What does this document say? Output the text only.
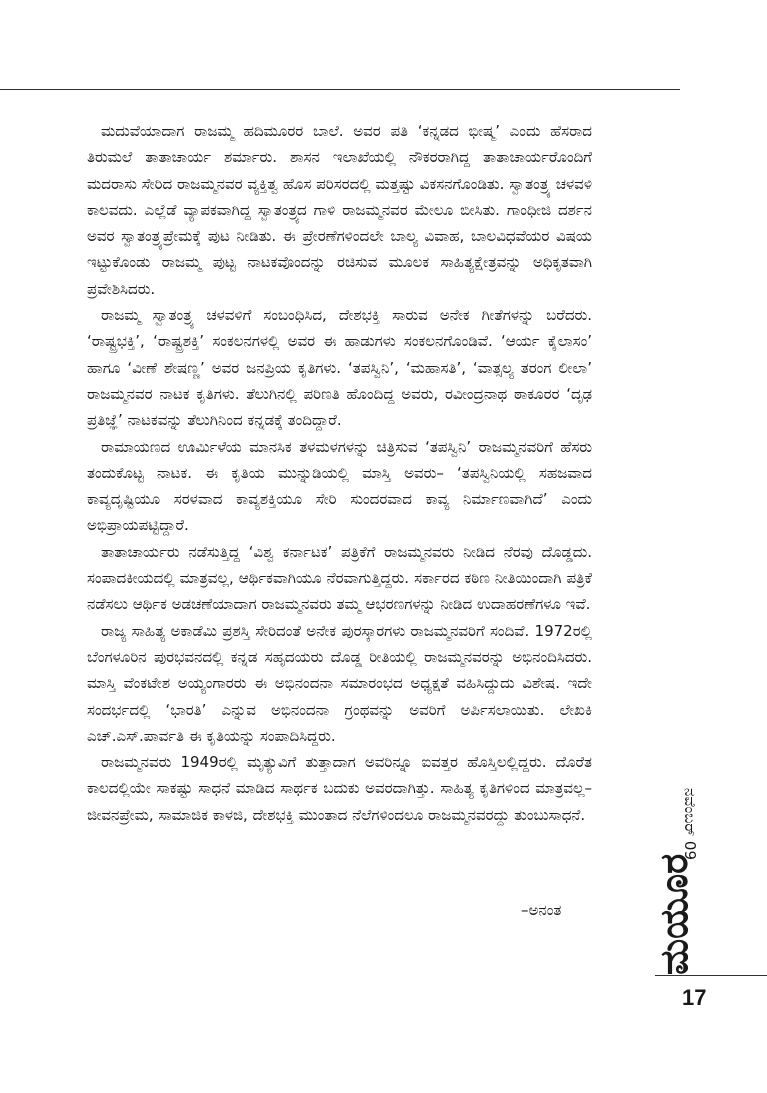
ಮದುವೆಯಾದಾಗ ರಾಜಮ್ಮ ಹದಿಮೂರರ ಬಾಲೆ. ಅವರ ಪತಿ ‘ಕನ್ನಡದ ಭೀಷ್ಮ’ ಎಂದು ಹೆಸರಾದ ತಿರುಮಲೆ ತಾತಾಚಾರ್ಯ ಶರ್ಮಾರು. ಶಾಸನ ಇಲಾಖೆಯಲ್ಲಿ ನೌಕರರಾಗಿದ್ದ ತಾತಾಚಾರ್ಯರೊಂದಿಗೆ ಮದರಾಸು ಸೇರಿದ ರಾಜಮ್ಮನವರ ವ್ಯಕ್ತಿತ್ವ ಹೊಸ ಪರಿಸರದಲ್ಲಿ ಮತ್ತಷ್ಟು ವಿಕಸನಗೊಂಡಿತು. ಸ್ವಾತಂತ್ರ್ಯ ಚಳವಳಿ ಕಾಲವದು. ಎಲ್ಲೆಡೆ ವ್ಯಾಪಕವಾಗಿದ್ದ ಸ್ವಾತಂತ್ರ್ಯದ ಗಾಳಿ ರಾಜಮ್ಮನವರ ಮೇಲೂ ಬೀಸಿತು. ಗಾಂಧೀಜಿ ದರ್ಶನ ಅವರ ಸ್ವಾತಂತ್ರ್ಯಪ್ರೇಮಕ್ಕೆ ಪುಟ ನೀಡಿತು. ಈ ಪ್ರೇರಣೆಗಳಿಂದಲೇ ಬಾಲ್ಯ ವಿವಾಹ, ಬಾಲವಿಧವೆಯರ ವಿಷಯ ಇಟ್ಟುಕೊಂಡು ರಾಜಮ್ಮ ಪುಟ್ಟ ನಾಟಕವೊಂದನ್ನು ರಚಿಸುವ ಮೂಲಕ ಸಾಹಿತ್ಯಕ್ಷೇತ್ರವನ್ನು ಅಧಿಕೃತವಾಗಿ ಪ್ರವೇಶಿಸಿದರು.

ರಾಜಮ್ಮ ಸ್ವಾತಂತ್ರ್ಯ ಚಳವಳಿಗೆ ಸಂಬಂಧಿಸಿದ, ದೇಶಭಕ್ತಿ ಸಾರುವ ಅನೇಕ ಗೀತೆಗಳನ್ನು ಬರೆದರು. ‘ರಾಷ್ಟ್ರಭಕ್ತಿ’, ‘ರಾಷ್ಟ್ರಶಕ್ತಿ’ ಸಂಕಲನಗಳಲ್ಲಿ ಅವರ ಈ ಹಾಡುಗಳು ಸಂಕಲನಗೊಂಡಿವೆ. ‘ಆರ್ಯ ಕೈಲಾಸಂ’ ಹಾಗೂ ‘ವೀಣೆ ಶೇಷಣ್ಣ’ ಅವರ ಜನಪ್ರಿಯ ಕೃತಿಗಳು. ‘ತಪಸ್ವಿನಿ’, ‘ಮಹಾಸತಿ’, ‘ವಾತ್ಸಲ್ಯ ತರಂಗ ಲೀಲಾ’ ರಾಜಮ್ಮನವರ ನಾಟಕ ಕೃತಿಗಳು. ತೆಲುಗಿನಲ್ಲಿ ಪರಿಣತಿ ಹೊಂದಿದ್ದ ಅವರು, ರವೀಂದ್ರನಾಥ ಠಾಕೂರರ ‘ದೃಢ ಪ್ರತಿಜ್ಞೆ’ ನಾಟಕವನ್ನು ತೆಲುಗಿನಿಂದ ಕನ್ನಡಕ್ಕೆ ತಂದಿದ್ದಾರೆ.

ರಾಮಾಯಣದ ಊರ್ಮಿಳೆಯ ಮಾನಸಿಕ ತಳಮಳಗಳನ್ನು ಚಿತ್ರಿಸುವ ‘ತಪಸ್ವಿನಿ’ ರಾಜಮ್ಮನವರಿಗೆ ಹೆಸರು ತಂದುಕೊಟ್ಟ ನಾಟಕ. ಈ ಕೃತಿಯ ಮುನ್ನುಡಿಯಲ್ಲಿ ಮಾಸ್ತಿ ಅವರು– ‘ತಪಸ್ವಿನಿಯಲ್ಲಿ ಸಹಜವಾದ ಕಾವ್ಯದೃಷ್ಟಿಯೂ ಸರಳವಾದ ಕಾವ್ಯಶಕ್ತಿಯೂ ಸೇರಿ ಸುಂದರವಾದ ಕಾವ್ಯ ನಿರ್ಮಾಣವಾಗಿದೆ’ ಎಂದು ಅಭಿಪ್ರಾಯಪಟ್ಟಿದ್ದಾರೆ.

ತಾತಾಚಾರ್ಯರು ನಡೆಸುತ್ತಿದ್ದ ‘ವಿಶ್ವ ಕರ್ನಾಟಕ’ ಪತ್ರಿಕೆಗೆ ರಾಜಮ್ಮನವರು ನೀಡಿದ ನೆರವು ದೊಡ್ಡದು. ಸಂಪಾದಕೀಯದಲ್ಲಿ ಮಾತ್ರವಲ್ಲ, ಆರ್ಥಿಕವಾಗಿಯೂ ನೆರವಾಗುತ್ತಿದ್ದರು. ಸರ್ಕಾರದ ಕಠಿಣ ನೀತಿಯಿಂದಾಗಿ ಪತ್ರಿಕೆ ನಡೆಸಲು ಆರ್ಥಿಕ ಅಡಚಣೆಯಾದಾಗ ರಾಜಮ್ಮನವರು ತಮ್ಮ ಆಭರಣಗಳನ್ನು ನೀಡಿದ ಉದಾಹರಣೆಗಳೂ ಇವೆ.

ರಾಜ್ಯ ಸಾಹಿತ್ಯ ಅಕಾಡೆಮಿ ಪ್ರಶಸ್ತಿ ಸೇರಿದಂತೆ ಅನೇಕ ಪುರಸ್ಕಾರಗಳು ರಾಜಮ್ಮನವರಿಗೆ ಸಂದಿವೆ. 1972ರಲ್ಲಿ ಬೆಂಗಳೂರಿನ ಪುರಭವನದಲ್ಲಿ ಕನ್ನಡ ಸಹೃದಯರು ದೊಡ್ಡ ರೀತಿಯಲ್ಲಿ ರಾಜಮ್ಮನವರನ್ನು ಅಭಿನಂದಿಸಿದರು. ಮಾಸ್ತಿ ವೆಂಕಟೇಶ ಅಯ್ಯಂಗಾರರು ಈ ಅಭಿನಂದನಾ ಸಮಾರಂಭದ ಅಧ್ಯಕ್ಷತೆ ವಹಿಸಿದ್ದುದು ವಿಶೇಷ. ಇದೇ ಸಂದರ್ಭದಲ್ಲಿ ‘ಭಾರತಿ’ ಎನ್ನುವ ಅಭಿನಂದನಾ ಗ್ರಂಥವನ್ನು ಅವರಿಗೆ ಅರ್ಪಿಸಲಾಯಿತು. ಲೇಖಕಿ ಎಚ್.ಎಸ್.ಪಾರ್ವತಿ ಈ ಕೃತಿಯನ್ನು ಸಂಪಾದಿಸಿದ್ದರು.

ರಾಜಮ್ಮನವರು 1949ರಲ್ಲಿ ಮೃತ್ಯುವಿಗೆ ತುತ್ತಾದಾಗ ಅವರಿನ್ನೂ ಐವತ್ತರ ಹೊಸ್ತಿಲಲ್ಲಿದ್ದರು. ದೊರೆತ ಕಾಲದಲ್ಲಿಯೇ ಸಾಕಷ್ಟು ಸಾಧನೆ ಮಾಡಿದ ಸಾರ್ಥಕ ಬದುಕು ಅವರದಾಗಿತ್ತು. ಸಾಹಿತ್ಯ ಕೃತಿಗಳಿಂದ ಮಾತ್ರವಲ್ಲ– ಜೀವನಪ್ರೇಮ, ಸಾಮಾಜಿಕ ಕಾಳಜಿ, ದೇಶಭಕ್ತಿ ಮುಂತಾದ ನೆಲೆಗಳಿಂದಲೂ ರಾಜಮ್ಮನವರದ್ದು ತುಂಬುಸಾಧನೆ.

–ಅನಂತ ಮಯೂರ
ನವೆಂಬರ್ 09
17
